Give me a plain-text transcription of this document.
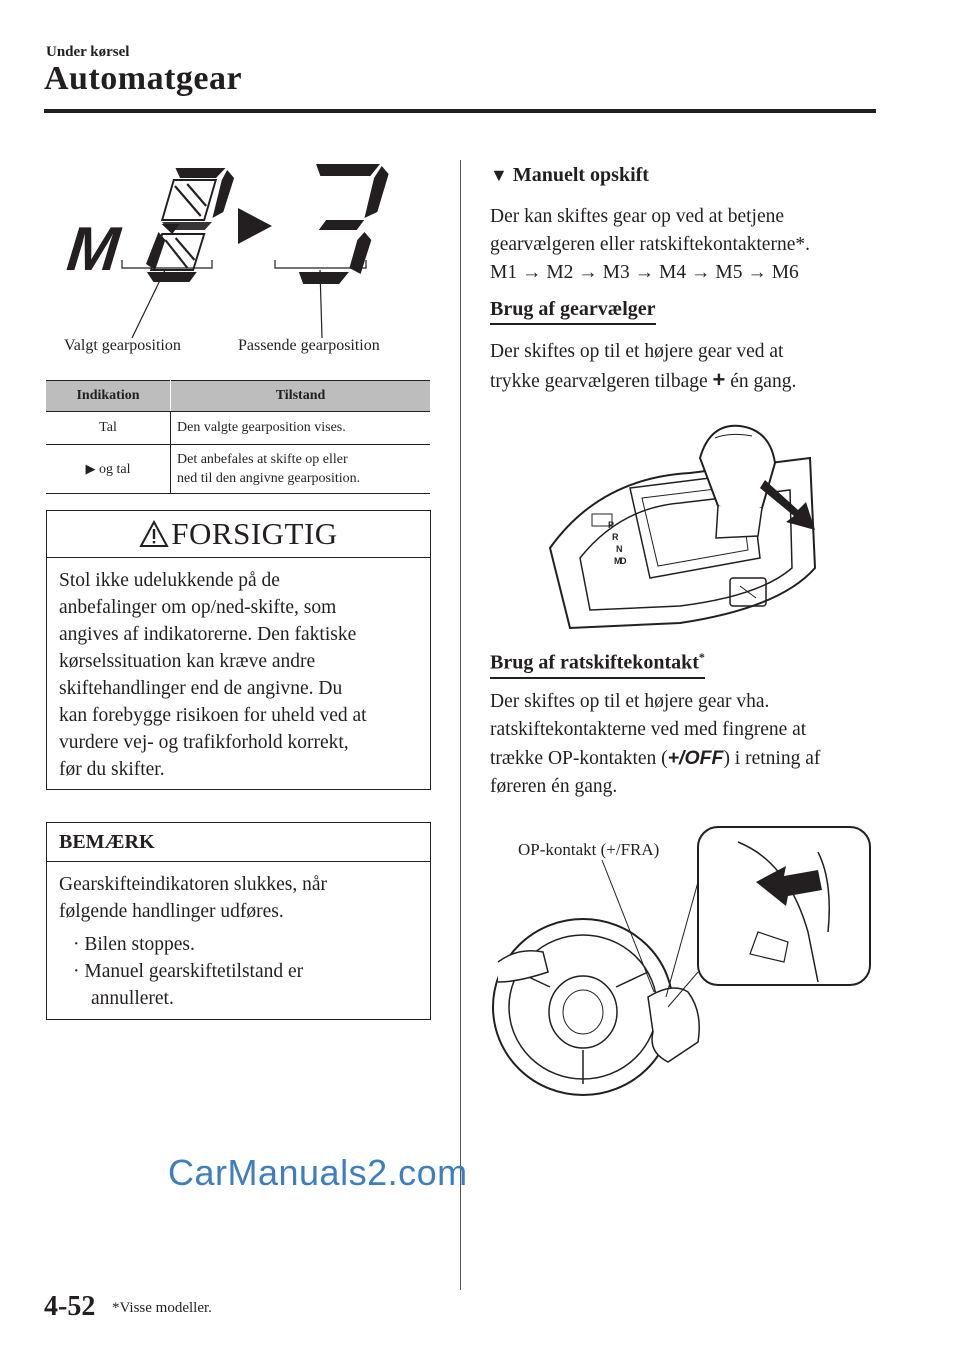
Under kørsel
Automatgear
M
Valgt gearposition	Passende gearposition
Indikation	Tilstand
Tal	Den valgte gearposition vises.
▶ og tal	Det anbefales at skifte op eller
ned til den angivne gearposition.
FORSIGTIG
Stol ikke udelukkende på de
anbefalinger om op/ned-skifte, som
angives af indikatorerne. Den faktiske
kørselssituation kan kræve andre
skiftehandlinger end de angivne. Du
kan forebygge risikoen for uheld ved at
vurdere vej- og trafikforhold korrekt,
før du skifter.
BEMÆRK
Gearskifteindikatoren slukkes, når
følgende handlinger udføres.
· Bilen stoppes.
· Manuel gearskiftetilstand er
annulleret.
▼ Manuelt opskift
Der kan skiftes gear op ved at betjene
gearvælgeren eller ratskiftekontakterne*.
M1 → M2 → M3 → M4 → M5 → M6
Brug af gearvælger
Der skiftes op til et højere gear ved at
trykke gearvælgeren tilbage + én gang.
P
R
N
D
M
Brug af ratskiftekontakt*
Der skiftes op til et højere gear vha.
ratskiftekontakterne ved med fingrene at
trække OP-kontakten (+/OFF) i retning af
føreren én gang.
OP-kontakt (+/FRA)
4-52 *Visse modeller.
CarManuals2.com
